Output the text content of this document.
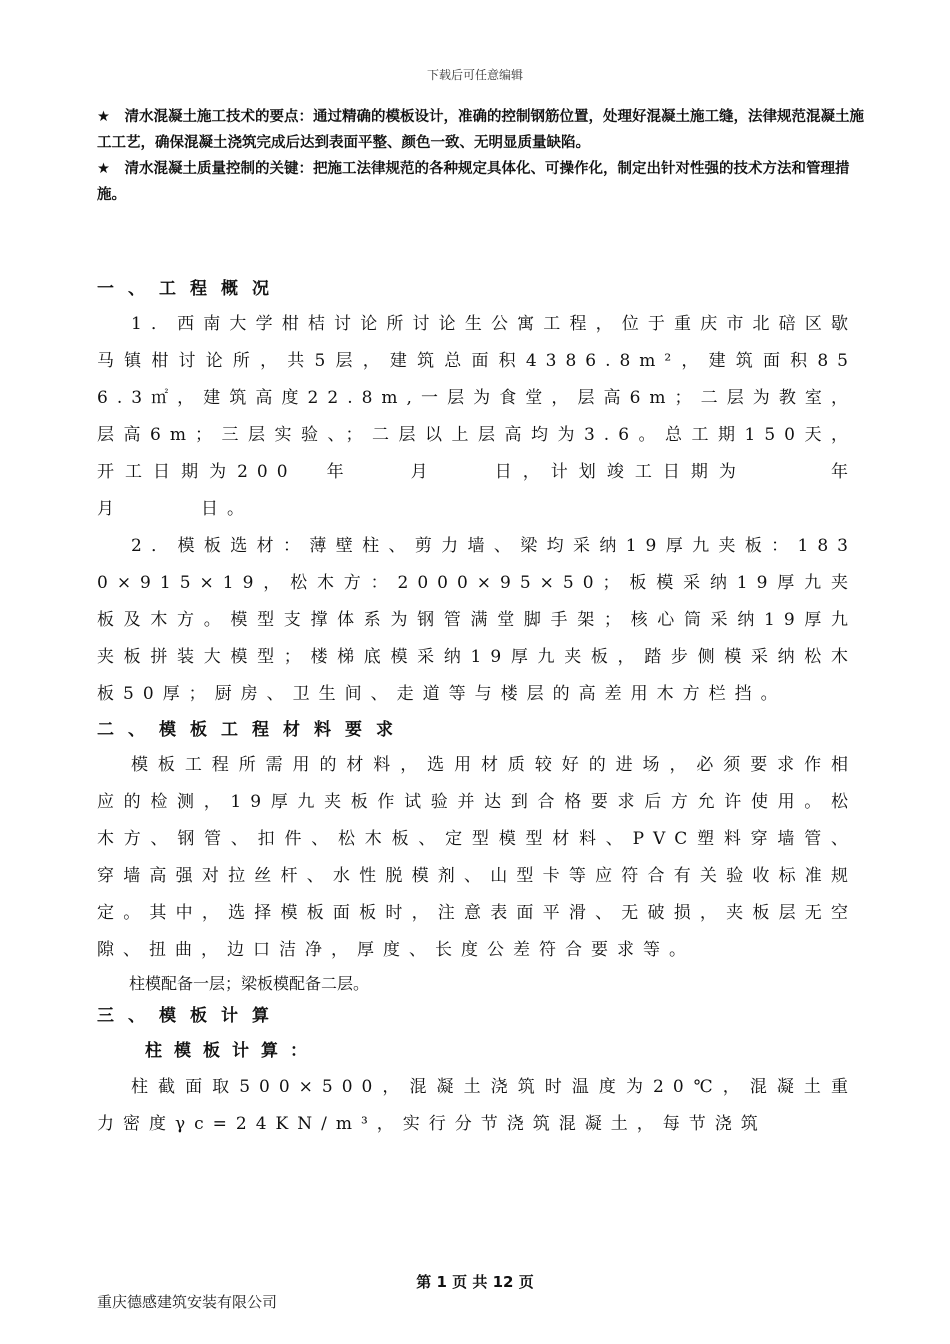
下载后可任意编辑

★　清水混凝土施工技术的要点：通过精确的模板设计，准确的控制钢筋位置，处理好混凝土施工缝，法律规范混凝土施工工艺，确保混凝土浇筑完成后达到表面平整、颜色一致、无明显质量缺陷。

★　清水混凝土质量控制的关键：把施工法律规范的各种规定具体化、可操作化，制定出针对性强的技术方法和管理措施。

一、工程概况

1．西南大学柑桔讨论所讨论生公寓工程，位于重庆市北碚区歇马镇柑讨论所，共5层，建筑总面积4386.8m²，建筑面积856.3㎡，建筑高度22.8m,一层为食堂，层高6m；二层为教室，层高6m；三层实验、；二层以上层高均为3.6。总工期150天，开工日期为200　年　　月　　日，计划竣工日期为　　　年　　　月　　　日。

2．模板选材：薄壁柱、剪力墙、梁均采纳19厚九夹板：1830×915×19，松木方：2000×95×50；板模采纳19厚九夹板及木方。模型支撑体系为钢管满堂脚手架；核心筒采纳19厚九夹板拼装大模型；楼梯底模采纳19厚九夹板，踏步侧模采纳松木板50厚；厨房、卫生间、走道等与楼层的高差用木方栏挡。

二、模板工程材料要求

模板工程所需用的材料，选用材质较好的进场，必须要求作相应的检测，19厚九夹板作试验并达到合格要求后方允许使用。松木方、钢管、扣件、松木板、定型模型材料、PVC塑料穿墙管、穿墙高强对拉丝杆、水性脱模剂、山型卡等应符合有关验收标准规定。其中，选择模板面板时，注意表面平滑、无破损，夹板层无空隙、扭曲，边口洁净，厚度、长度公差符合要求等。

柱模配备一层；梁板模配备二层。

三、模板计算

柱模板计算：

柱截面取500×500，混凝土浇筑时温度为20℃，混凝土重力密度γc=24KN/m³，实行分节浇筑混凝土，每节浇筑

第 1 页 共 12 页
重庆德感建筑安装有限公司
